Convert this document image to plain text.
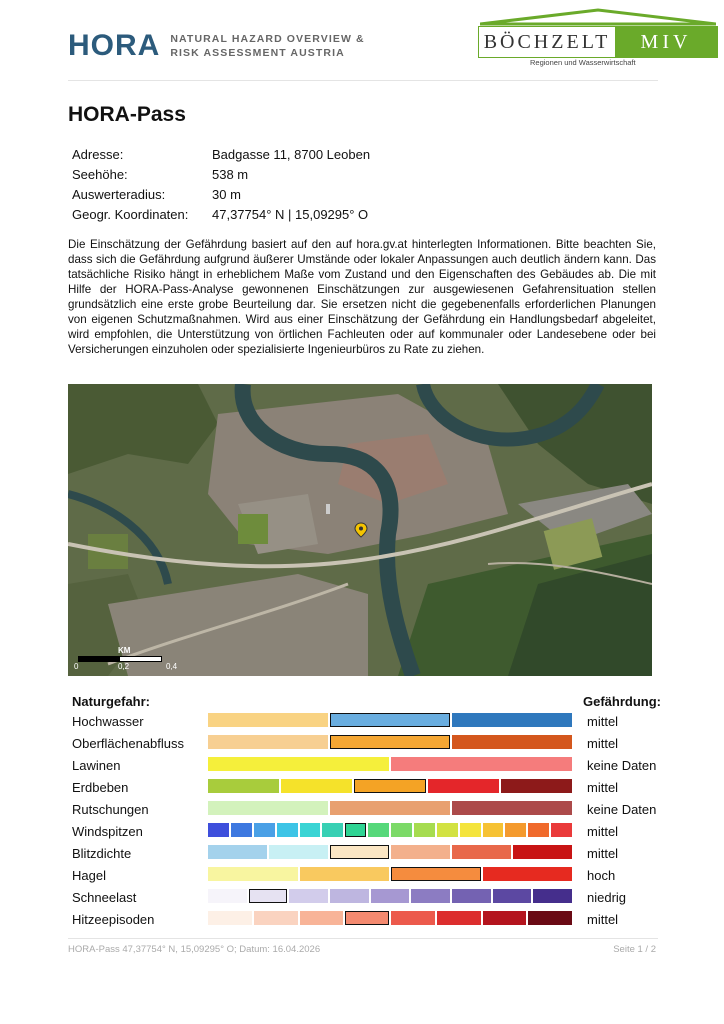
HORA NATURAL HAZARD OVERVIEW &
RISK ASSESSMENT AUSTRIA
BÖCHZELT	MIV
Regionen und Wasserwirtschaft
HORA-Pass
Adresse:	Badgasse 11, 8700 Leoben
Seehöhe:	538 m
Auswerteradius:	30 m
Geogr. Koordinaten: 47,37754° N | 15,09295° O

Die Einschätzung der Gefährdung basiert auf den auf hora.gv.at hinterlegten Informationen. Bitte beachten Sie, dass sich die Gefährdung aufgrund äußerer Umstände oder lokaler Anpassungen auch deutlich ändern kann. Das tatsächliche Risiko hängt in erheblichem Maße vom Zustand und den Eigenschaften des Gebäudes ab. Die mit Hilfe der HORA-Pass-Analyse gewonnenen Einschätzungen zur ausgewiesenen Gefahrensituation stellen grundsätzlich eine erste grobe Beurteilung dar. Sie ersetzen nicht die gegebenenfalls erforderlichen Planungen von eigenen Schutzmaßnahmen. Wird aus einer Einschätzung der Gefährdung ein Handlungsbedarf abgeleitet, wird empfohlen, die Unterstützung von örtlichen Fachleuten oder auf kommunaler oder Landesebene oder bei Versicherungen einzuholen oder spezialisierte Ingenieurbüros zu Rate zu ziehen.

KM
0	0,2	0,4
Naturgefahr:	Gefährdung:
Hochwasser	mittel
Oberflächenabfluss	mittel
Lawinen	keine Daten
Erdbeben	mittel
Rutschungen	keine Daten
Windspitzen	mittel
Blitzdichte	mittel
Hagel	hoch
Schneelast	niedrig
Hitzeepisoden	mittel
HORA-Pass 47,37754° N, 15,09295° O; Datum: 16.04.2026	Seite 1 / 2
